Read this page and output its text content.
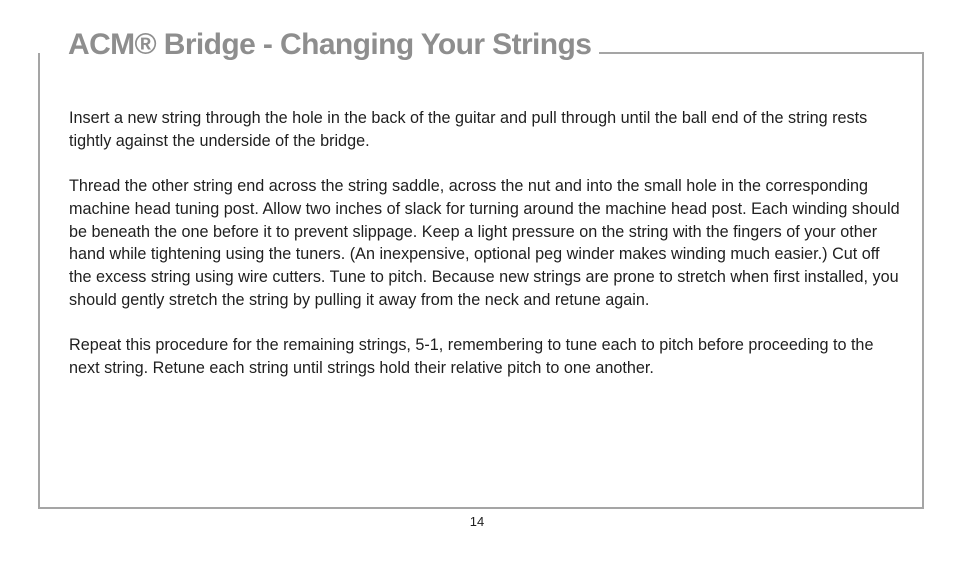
ACM® Bridge - Changing Your Strings

Insert a new string through the hole in the back of the guitar and pull through until the ball end of the string rests tightly against the underside of the bridge.

Thread the other string end across the string saddle, across the nut and into the small hole in the corresponding machine head tuning post. Allow two inches of slack for turning around the machine head post. Each winding should be beneath the one before it to prevent slippage. Keep a light pressure on the string with the fingers of your other hand while tightening using the tuners. (An inexpensive, optional peg winder makes winding much easier.) Cut off the excess string using wire cutters. Tune to pitch. Because new strings are prone to stretch when first installed, you should gently stretch the string by pulling it away from the neck and retune again.

Repeat this procedure for the remaining strings, 5-1, remembering to tune each to pitch before proceeding to the next string. Retune each string until strings hold their relative pitch to one another.

14
